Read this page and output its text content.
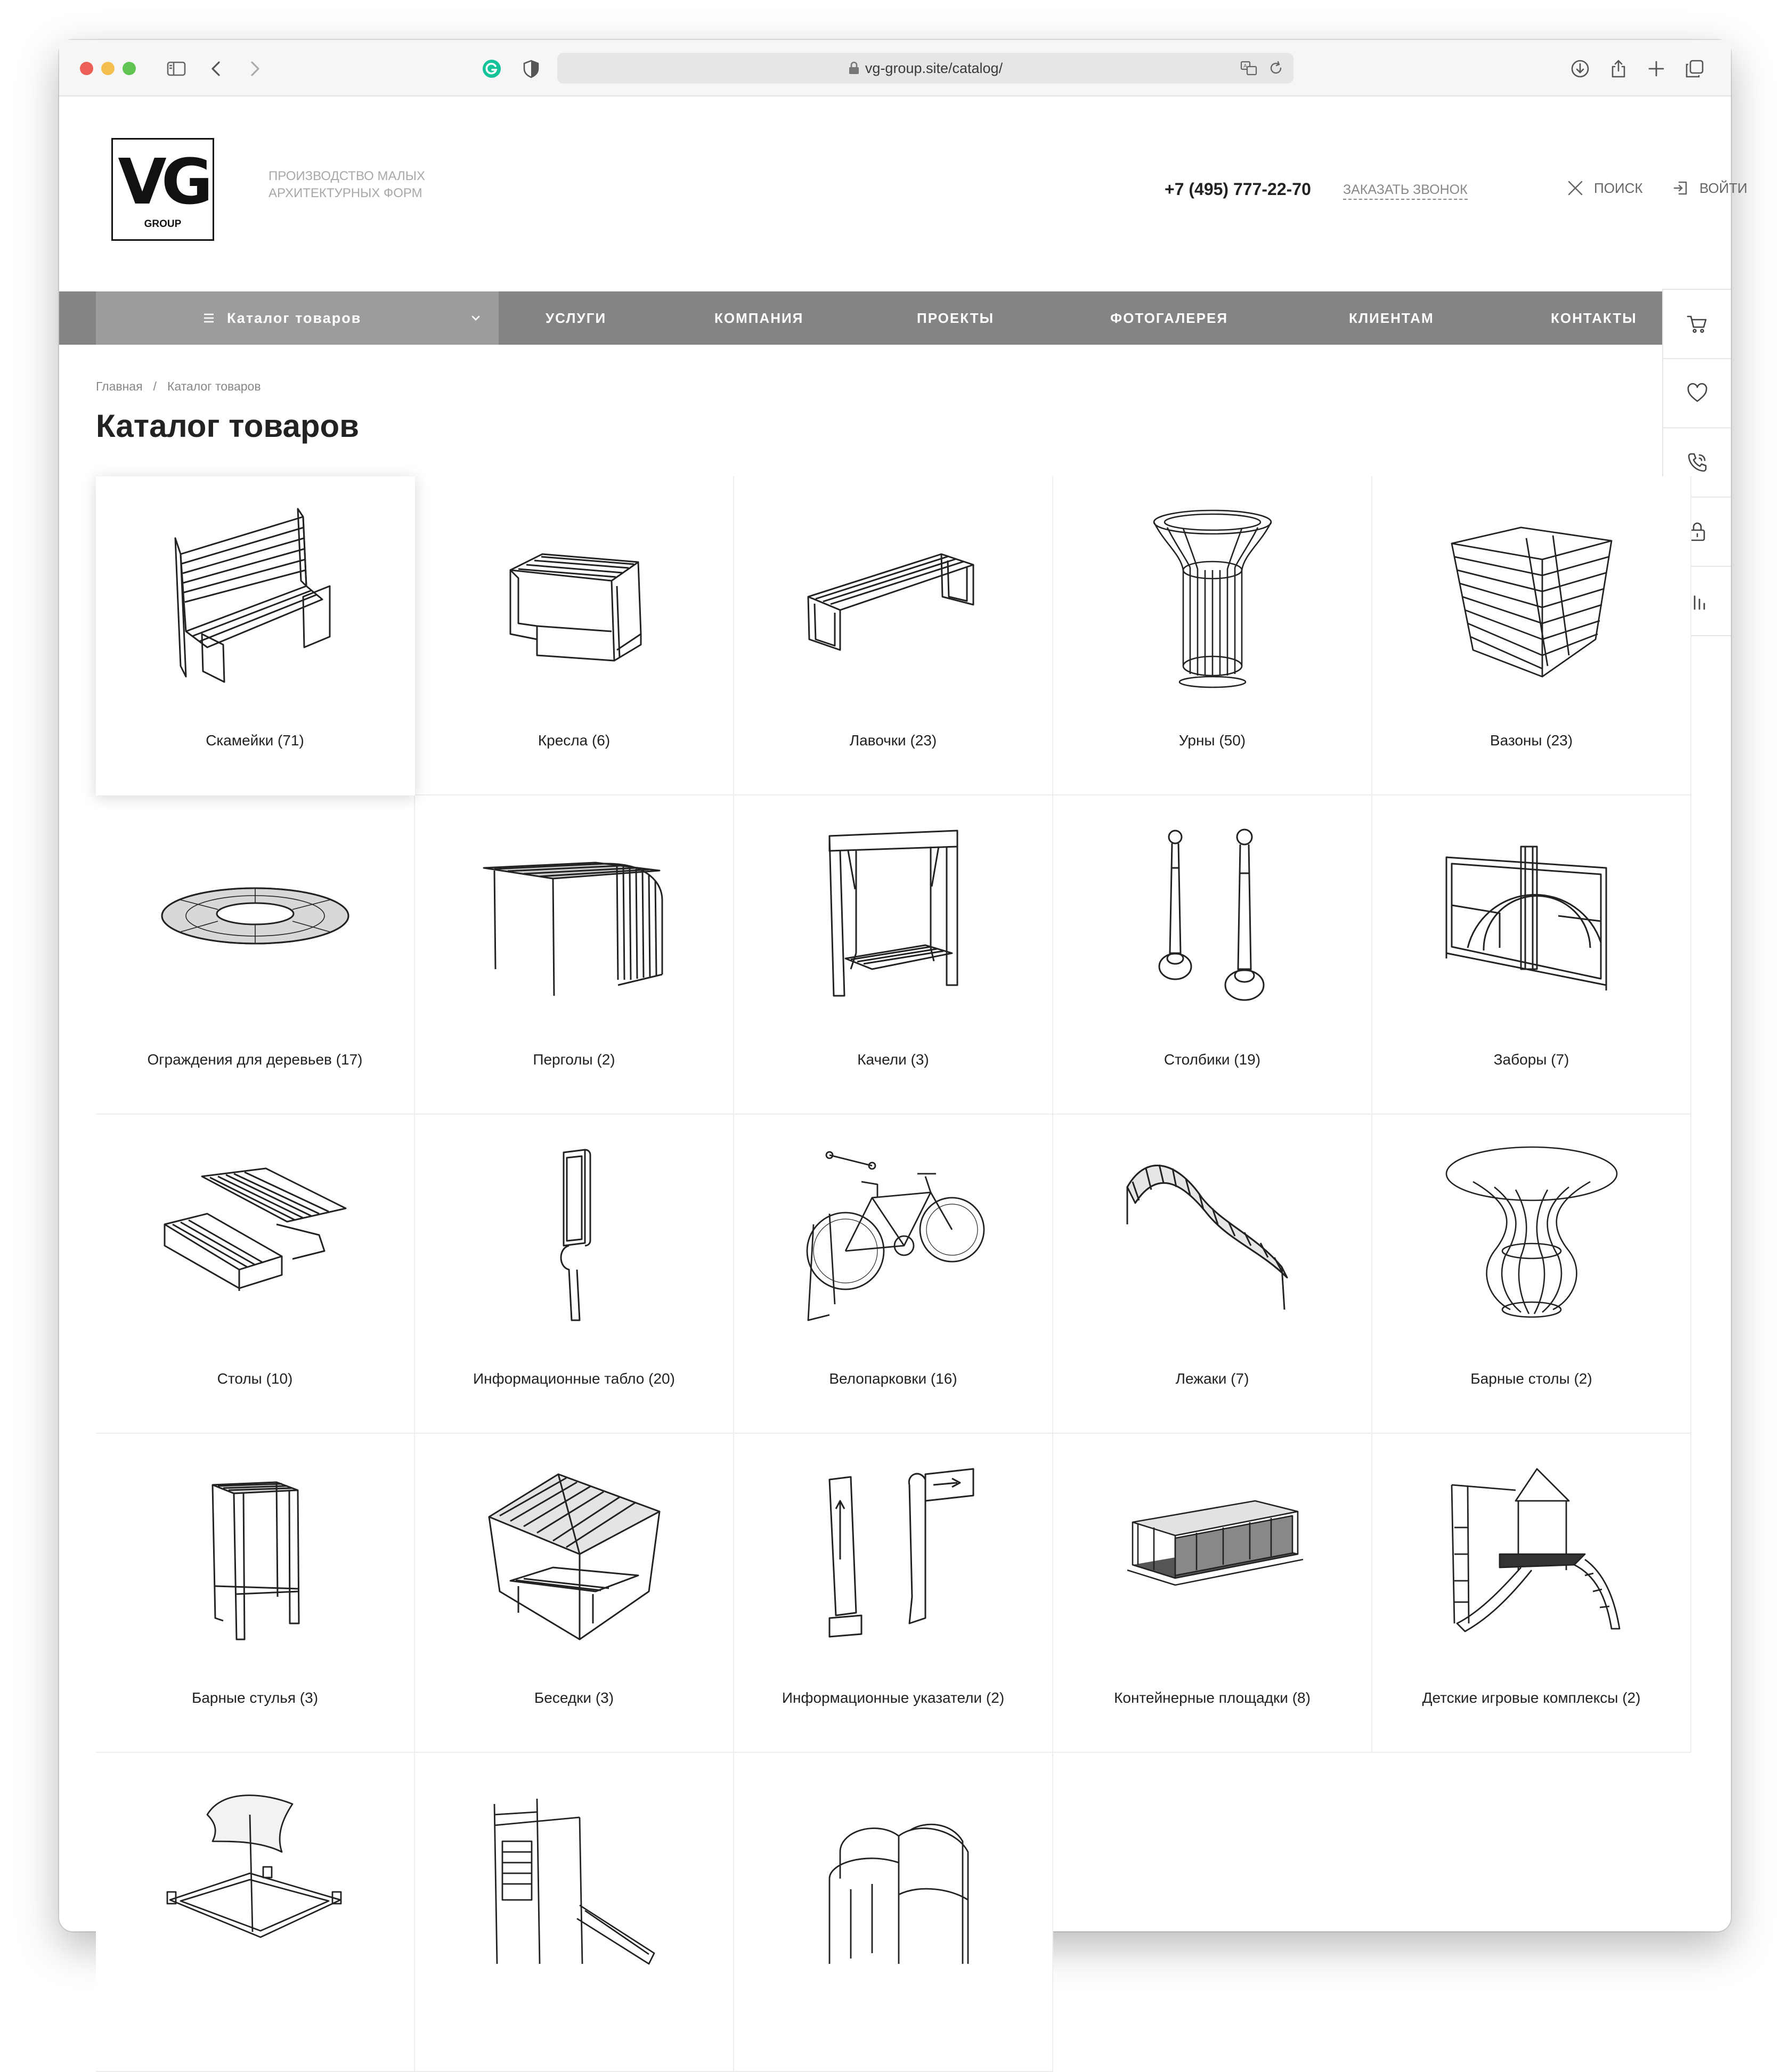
vg-group.site/catalog/	A
VG
GROUP
ПРОИЗВОДСТВО МАЛЫХ АРХИТЕКТУРНЫХ ФОРМ	+7 (495) 777-22-70 ЗАКАЗАТЬ ЗВОНОК	ПОИСК	ВОЙТИ
Каталог товаров	УСЛУГИ	КОМПАНИЯ	ПРОЕКТЫ	ФОТОГАЛЕРЕЯ	КЛИЕНТАМ	КОНТАКТЫ
Главная / Каталог товаров
Каталог товаров
Скамейки (71)	Кресла (6)	Лавочки (23)	Урны (50)	Вазоны (23)
Ограждения для деревьев (17)	Перголы (2)	Качели (3)	Столбики (19)	Заборы (7)
Столы (10)	Информационные табло (20)	Велопарковки (16)	Лежаки (7)	Барные столы (2)
Барные стулья (3)	Беседки (3)	Информационные указатели (2)	Контейнерные площадки (8)	Детские игровые комплексы (2)
